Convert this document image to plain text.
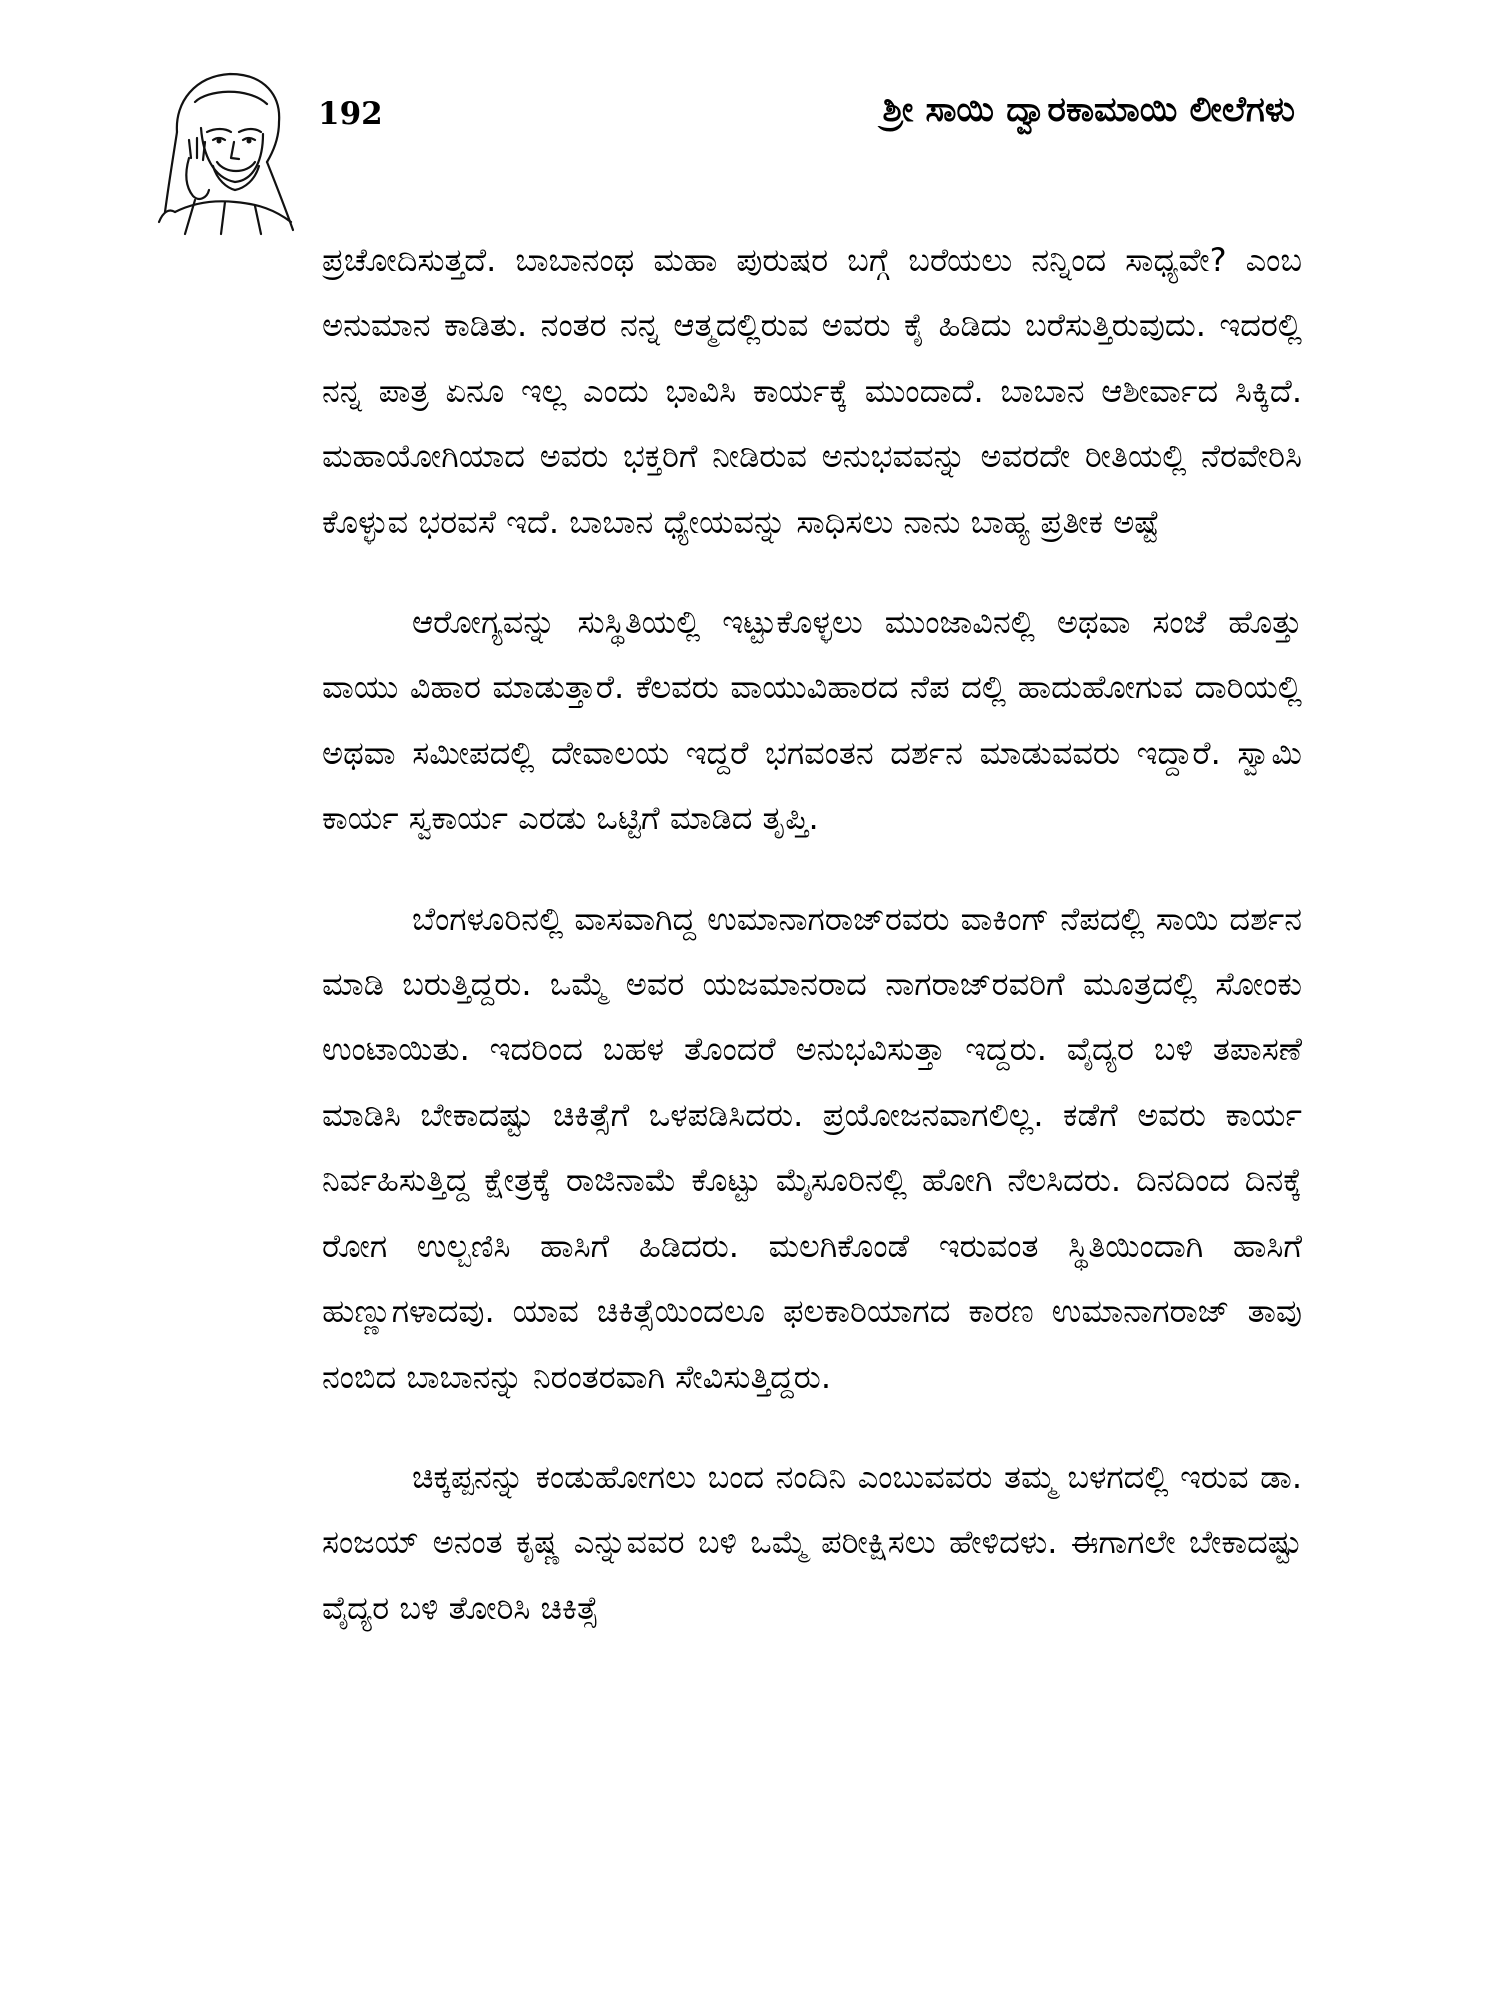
192	ಶ್ರೀ ಸಾಯಿ ದ್ವಾರಕಾಮಾಯಿ ಲೀಲೆಗಳು

ಪ್ರಚೋದಿಸುತ್ತದೆ. ಬಾಬಾನಂಥ ಮಹಾ ಪುರುಷರ ಬಗ್ಗೆ ಬರೆಯಲು ನನ್ನಿಂದ ಸಾಧ್ಯವೇ? ಎಂಬ ಅನುಮಾನ ಕಾಡಿತು. ನಂತರ ನನ್ನ ಆತ್ಮದಲ್ಲಿರುವ ಅವರು ಕೈ ಹಿಡಿದು ಬರೆಸುತ್ತಿರುವುದು. ಇದರಲ್ಲಿ ನನ್ನ ಪಾತ್ರ ಏನೂ ಇಲ್ಲ ಎಂದು ಭಾವಿಸಿ ಕಾರ್ಯಕ್ಕೆ ಮುಂದಾದೆ. ಬಾಬಾನ ಆಶೀರ್ವಾದ ಸಿಕ್ಕಿದೆ. ಮಹಾಯೋಗಿಯಾದ ಅವರು ಭಕ್ತರಿಗೆ ನೀಡಿರುವ ಅನುಭವವನ್ನು ಅವರದೇ ರೀತಿಯಲ್ಲಿ ನೆರವೇರಿಸಿ ಕೊಳ್ಳುವ ಭರವಸೆ ಇದೆ. ಬಾಬಾನ ಧ್ಯೇಯವನ್ನು ಸಾಧಿಸಲು ನಾನು ಬಾಹ್ಯ ಪ್ರತೀಕ ಅಷ್ಟೆ

ಆರೋಗ್ಯವನ್ನು ಸುಸ್ಥಿತಿಯಲ್ಲಿ ಇಟ್ಟುಕೊಳ್ಳಲು ಮುಂಜಾವಿನಲ್ಲಿ ಅಥವಾ ಸಂಜೆ ಹೊತ್ತು ವಾಯು ವಿಹಾರ ಮಾಡುತ್ತಾರೆ. ಕೆಲವರು ವಾಯುವಿಹಾರದ ನೆಪ ದಲ್ಲಿ ಹಾದುಹೋಗುವ ದಾರಿಯಲ್ಲಿ ಅಥವಾ ಸಮೀಪದಲ್ಲಿ ದೇವಾಲಯ ಇದ್ದರೆ ಭಗವಂತನ ದರ್ಶನ ಮಾಡುವವರು ಇದ್ದಾರೆ. ಸ್ವಾಮಿ ಕಾರ್ಯ ಸ್ವಕಾರ್ಯ ಎರಡು ಒಟ್ಟಿಗೆ ಮಾಡಿದ ತೃಪ್ತಿ.

ಬೆಂಗಳೂರಿನಲ್ಲಿ ವಾಸವಾಗಿದ್ದ ಉಮಾನಾಗರಾಜ್‌ರವರು ವಾಕಿಂಗ್ ನೆಪದಲ್ಲಿ ಸಾಯಿ ದರ್ಶನ ಮಾಡಿ ಬರುತ್ತಿದ್ದರು. ಒಮ್ಮೆ ಅವರ ಯಜಮಾನರಾದ ನಾಗರಾಜ್‌ರವರಿಗೆ ಮೂತ್ರದಲ್ಲಿ ಸೋಂಕು ಉಂಟಾಯಿತು. ಇದರಿಂದ ಬಹಳ ತೊಂದರೆ ಅನುಭವಿಸುತ್ತಾ ಇದ್ದರು. ವೈದ್ಯರ ಬಳಿ ತಪಾಸಣೆ ಮಾಡಿಸಿ ಬೇಕಾದಷ್ಟು ಚಿಕಿತ್ಸೆಗೆ ಒಳಪಡಿಸಿದರು. ಪ್ರಯೋಜನವಾಗಲಿಲ್ಲ. ಕಡೆಗೆ ಅವರು ಕಾರ್ಯ ನಿರ್ವಹಿಸುತ್ತಿದ್ದ ಕ್ಷೇತ್ರಕ್ಕೆ ರಾಜಿನಾಮೆ ಕೊಟ್ಟು ಮೈಸೂರಿನಲ್ಲಿ ಹೋಗಿ ನೆಲಸಿದರು. ದಿನದಿಂದ ದಿನಕ್ಕೆ ರೋಗ ಉಲ್ಬಣಿಸಿ ಹಾಸಿಗೆ ಹಿಡಿದರು. ಮಲಗಿಕೊಂಡೆ ಇರುವಂತ ಸ್ಥಿತಿಯಿಂದಾಗಿ ಹಾಸಿಗೆ ಹುಣ್ಣುಗಳಾದವು. ಯಾವ ಚಿಕಿತ್ಸೆಯಿಂದಲೂ ಫಲಕಾರಿಯಾಗದ ಕಾರಣ ಉಮಾನಾಗರಾಜ್ ತಾವು ನಂಬಿದ ಬಾಬಾನನ್ನು ನಿರಂತರವಾಗಿ ಸೇವಿಸುತ್ತಿದ್ದರು.

ಚಿಕ್ಕಪ್ಪನನ್ನು ಕಂಡುಹೋಗಲು ಬಂದ ನಂದಿನಿ ಎಂಬುವವರು ತಮ್ಮ ಬಳಗದಲ್ಲಿ ಇರುವ ಡಾ. ಸಂಜಯ್ ಅನಂತ ಕೃಷ್ಣ ಎನ್ನುವವರ ಬಳಿ ಒಮ್ಮೆ ಪರೀಕ್ಷಿಸಲು ಹೇಳಿದಳು. ಈಗಾಗಲೇ ಬೇಕಾದಷ್ಟು ವೈದ್ಯರ ಬಳಿ ತೋರಿಸಿ ಚಿಕಿತ್ಸೆ
